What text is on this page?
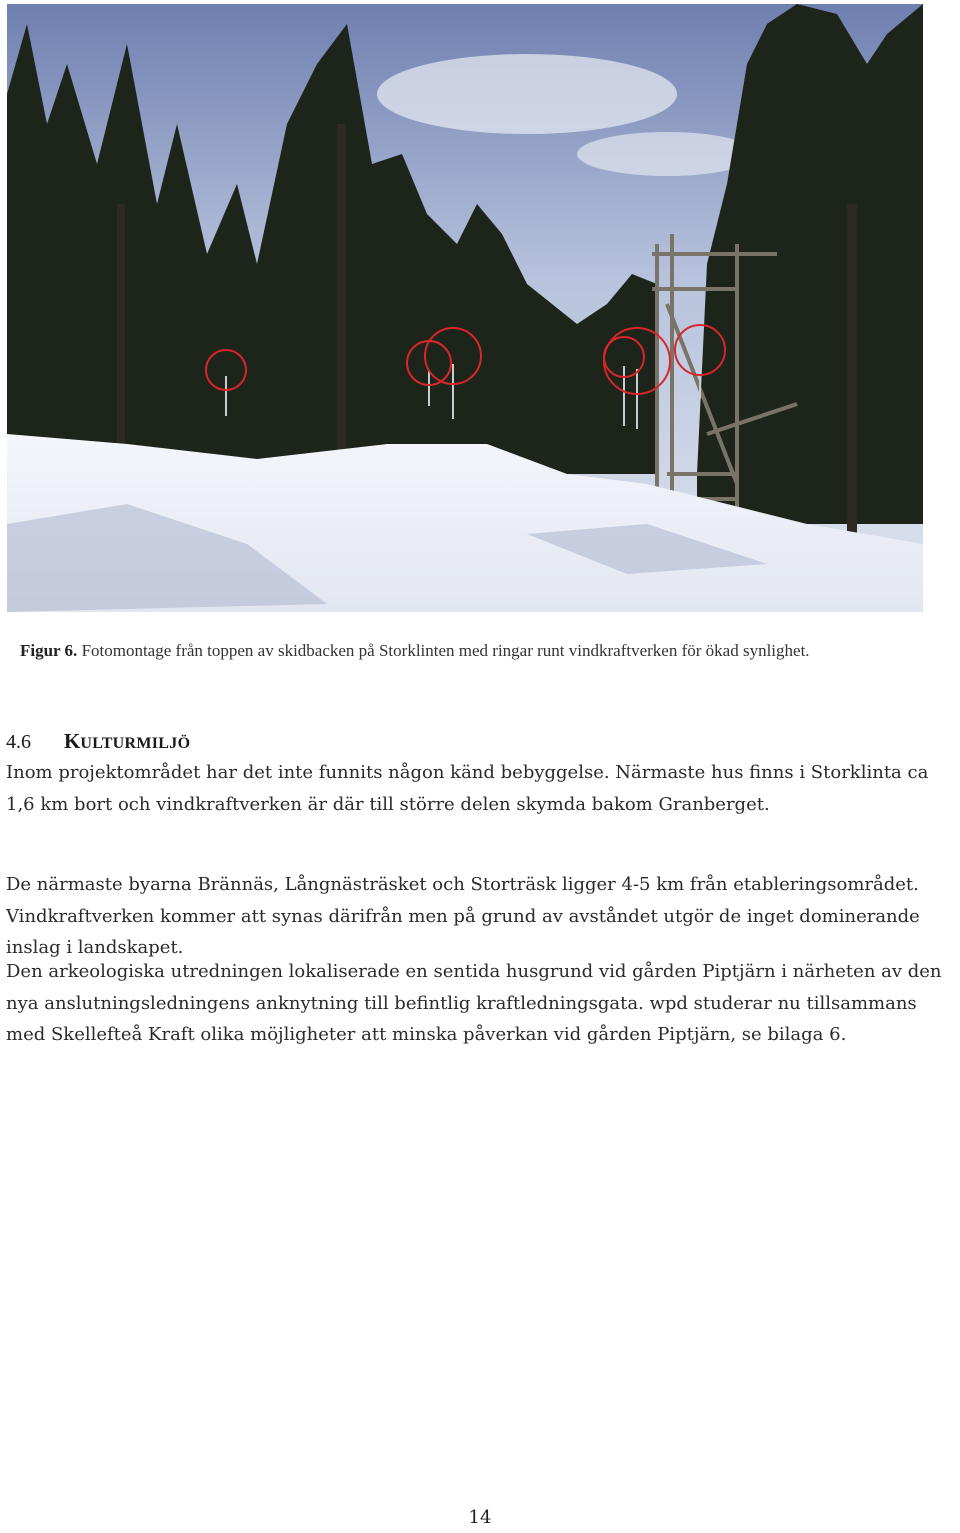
Figur 6. Fotomontage från toppen av skidbacken på Storklinten med ringar runt vindkraftverken för ökad synlighet.
4.6 KULTURMILJÖ

Inom projektområdet har det inte funnits någon känd bebyggelse. Närmaste hus finns i Storklinta ca 1,6 km bort och vindkraftverken är där till större delen skymda bakom Granberget.

De närmaste byarna Brännäs, Långnästräsket och Storträsk ligger 4-5 km från etableringsområdet. Vindkraftverken kommer att synas därifrån men på grund av avståndet utgör de inget dominerande inslag i landskapet.

Den arkeologiska utredningen lokaliserade en sentida husgrund vid gården Piptjärn i närheten av den nya anslutningsledningens anknytning till befintlig kraftledningsgata. wpd studerar nu tillsammans med Skellefteå Kraft olika möjligheter att minska påverkan vid gården Piptjärn, se bilaga 6.

14
